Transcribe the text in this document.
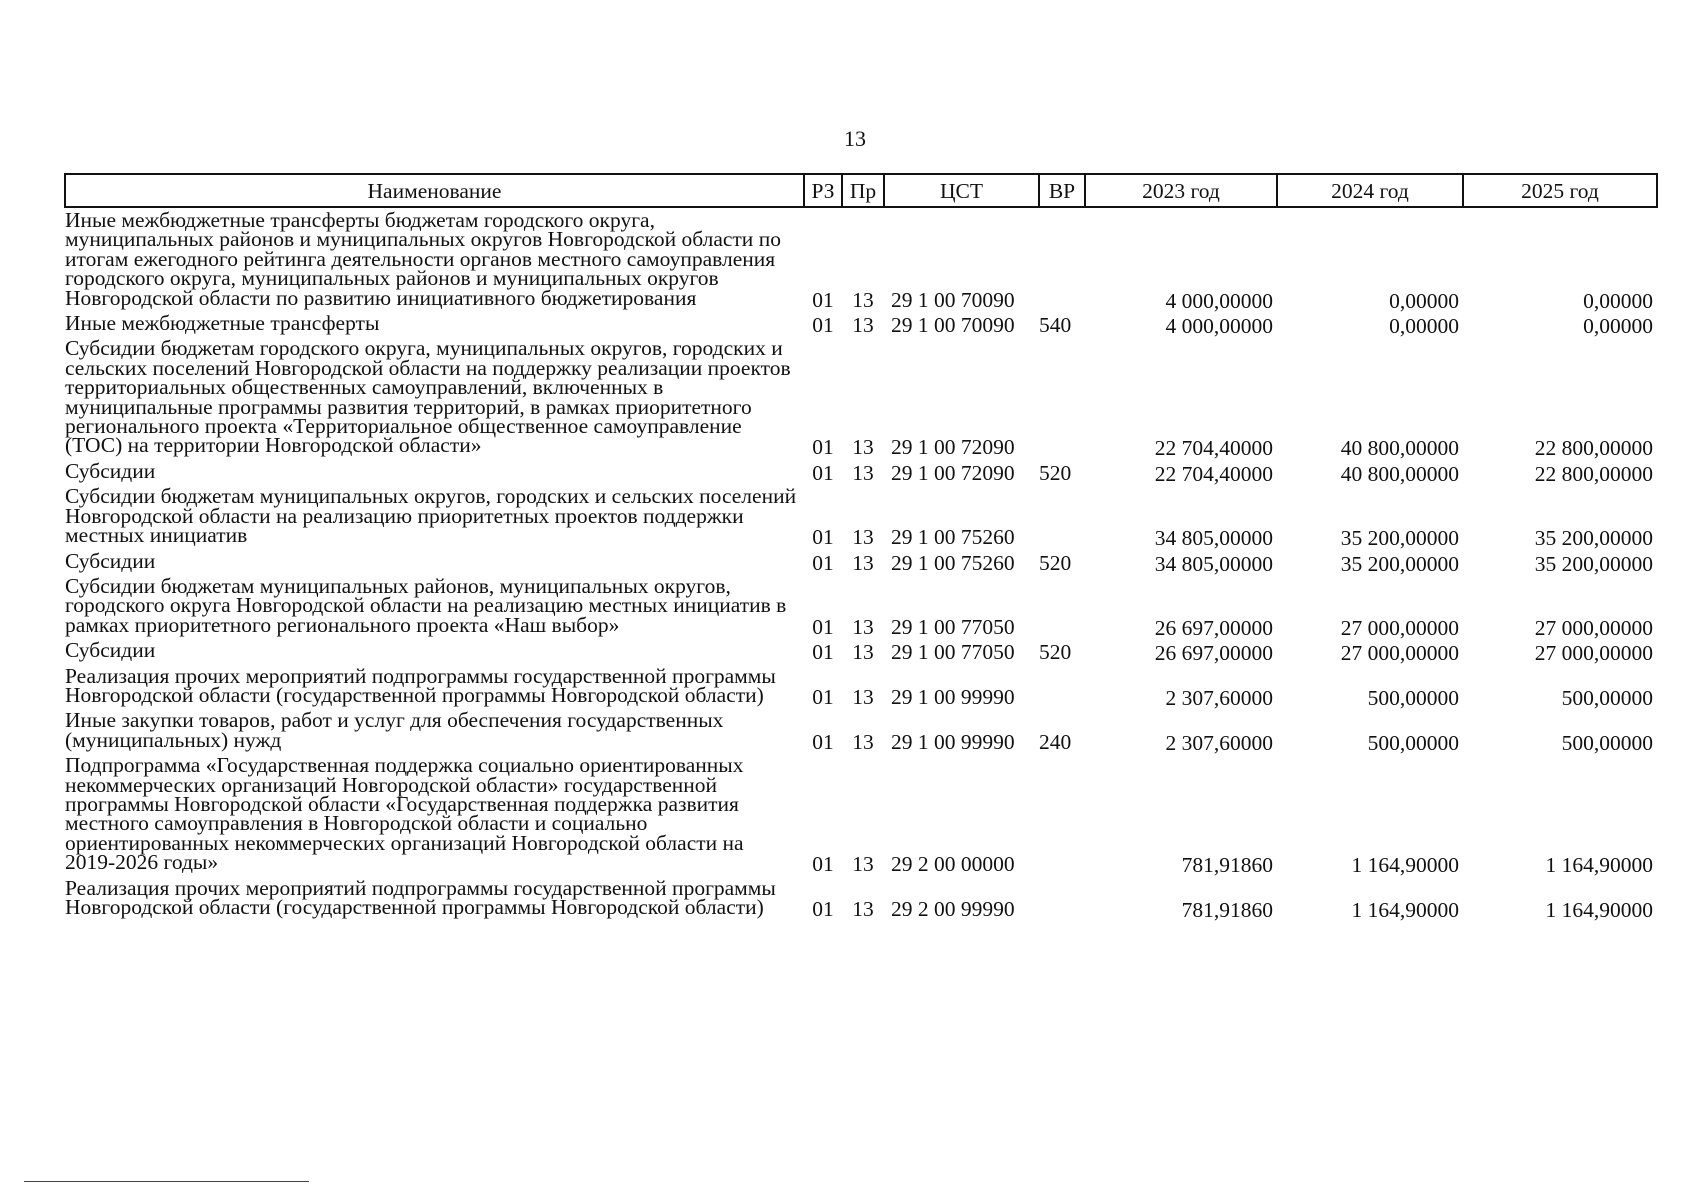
13
Наименование	РЗ	Пр	ЦСТ	ВР	2023 год	2024 год	2025 год
Иные межбюджетные трансферты бюджетам городского округа, муниципальных районов и муниципальных округов Новгородской области по итогам ежегодного рейтинга деятельности органов местного самоуправления городского округа, муниципальных районов и муниципальных округов Новгородской области по развитию инициативного бюджетирования	01	13	29 1 00 70090		4 000,00000	0,00000	0,00000
Иные межбюджетные трансферты	01	13	29 1 00 70090	540	4 000,00000	0,00000	0,00000
Субсидии бюджетам городского округа, муниципальных округов, городских и сельских поселений Новгородской области на поддержку реализации проектов территориальных общественных самоуправлений, включенных в муниципальные программы развития территорий, в рамках приоритетного регионального проекта «Территориальное общественное самоуправление (ТОС) на территории Новгородской области»	01	13	29 1 00 72090		22 704,40000	40 800,00000	22 800,00000
Субсидии	01	13	29 1 00 72090	520	22 704,40000	40 800,00000	22 800,00000
Субсидии бюджетам муниципальных округов, городских и сельских поселений Новгородской области на реализацию приоритетных проектов поддержки местных инициатив	01	13	29 1 00 75260		34 805,00000	35 200,00000	35 200,00000
Субсидии	01	13	29 1 00 75260	520	34 805,00000	35 200,00000	35 200,00000
Субсидии бюджетам муниципальных районов, муниципальных округов, городского округа Новгородской области на реализацию местных инициатив в рамках приоритетного регионального проекта «Наш выбор»	01	13	29 1 00 77050		26 697,00000	27 000,00000	27 000,00000
Субсидии	01	13	29 1 00 77050	520	26 697,00000	27 000,00000	27 000,00000
Реализация прочих мероприятий подпрограммы государственной программы Новгородской области (государственной программы Новгородской области)	01	13	29 1 00 99990		2 307,60000	500,00000	500,00000
Иные закупки товаров, работ и услуг для обеспечения государственных (муниципальных) нужд	01	13	29 1 00 99990	240	2 307,60000	500,00000	500,00000
Подпрограмма «Государственная поддержка социально ориентированных некоммерческих организаций Новгородской области» государственной программы Новгородской области «Государственная поддержка развития местного самоуправления в Новгородской области и социально ориентированных некоммерческих организаций Новгородской области на 2019-2026 годы»	01	13	29 2 00 00000		781,91860	1 164,90000	1 164,90000
Реализация прочих мероприятий подпрограммы государственной программы Новгородской области (государственной программы Новгородской области)	01	13	29 2 00 99990		781,91860	1 164,90000	1 164,90000
